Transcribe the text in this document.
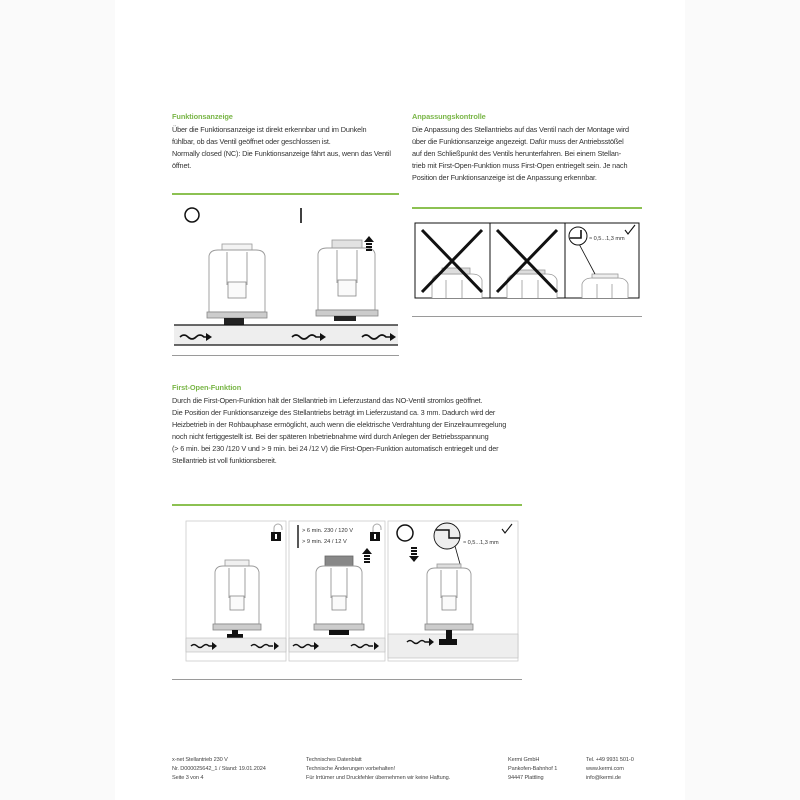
Funktionsanzeige
Über die Funktionsanzeige ist direkt erkennbar und im Dunkeln
fühlbar, ob das Ventil geöffnet oder geschlossen ist.
Normally closed (NC): Die Funktionsanzeige fährt aus, wenn das Ventil
öffnet.
Anpassungskontrolle
Die Anpassung des Stellantriebs auf das Ventil nach der Montage wird
über die Funktionsanzeige angezeigt. Dafür muss der Antriebsstößel
auf den Schließpunkt des Ventils herunterfahren. Bei einem Stellan-
trieb mit First-Open-Funktion muss First-Open entriegelt sein. Je nach
Position der Funktionsanzeige ist die Anpassung erkennbar.
≈ 0,5...1,3 mm
First-Open-Funktion
Durch die First-Open-Funktion hält der Stellantrieb im Lieferzustand das NO-Ventil stromlos geöffnet.
Die Position der Funktionsanzeige des Stellantriebs beträgt im Lieferzustand ca. 3 mm. Dadurch wird der
Heizbetrieb in der Rohbauphase ermöglicht, auch wenn die elektrische Verdrahtung der Einzelraumregelung
noch nicht fertiggestellt ist. Bei der späteren Inbetriebnahme wird durch Anlegen der Betriebsspannung
(> 6 min. bei 230 /120 V und > 9 min. bei 24 /12 V) die First-Open-Funktion automatisch entriegelt und der
Stellantrieb ist voll funktionsbereit.
> 6 min. 230 / 120 V
> 9 min. 24 / 12 V	≈ 0,5...1,3 mm
x-net Stellantrieb 230 V
Nr. D000025642_1 / Stand: 19.01.2024
Seite 3 von 4
Technisches Datenblatt
Technische Änderungen vorbehalten!
Für Irrtümer und Druckfehler übernehmen wir keine Haftung.
Kermi GmbH
Pankofen-Bahnhof 1
94447 Plattling
Tel. +49 9931 501-0
www.kermi.com
info@kermi.de
